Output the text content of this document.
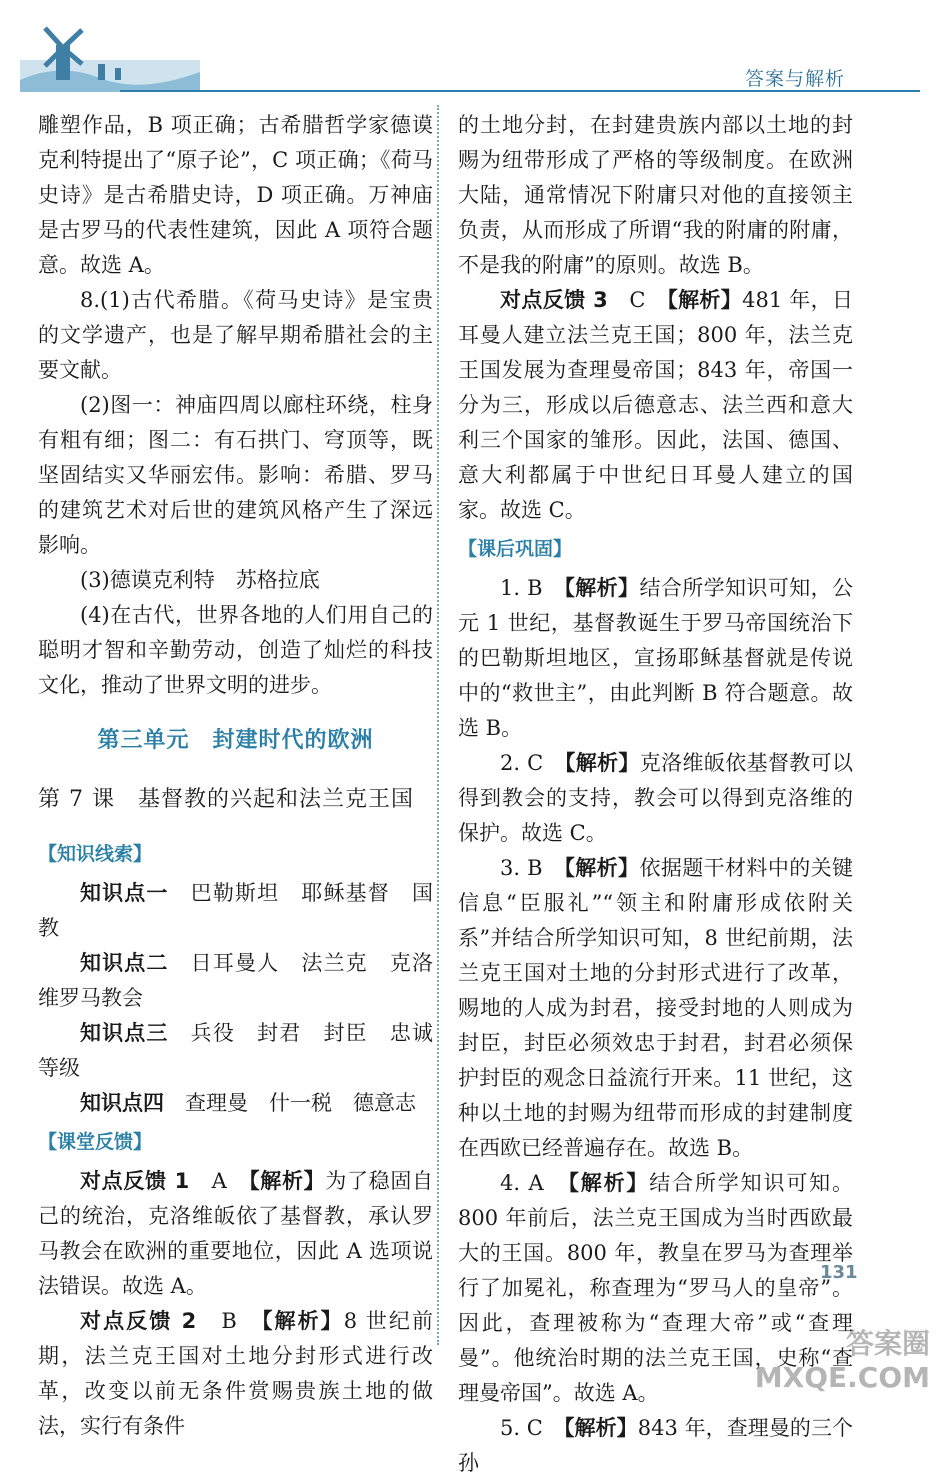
答案与解析

雕塑作品，B 项正确；古希腊哲学家德谟克利特提出了“原子论”，C 项正确；《荷马史诗》是古希腊史诗，D 项正确。万神庙是古罗马的代表性建筑，因此 A 项符合题意。故选 A。

8.(1)古代希腊。《荷马史诗》是宝贵的文学遗产，也是了解早期希腊社会的主要文献。

(2)图一：神庙四周以廊柱环绕，柱身有粗有细；图二：有石拱门、穹顶等，既坚固结实又华丽宏伟。影响：希腊、罗马的建筑艺术对后世的建筑风格产生了深远影响。

(3)德谟克利特　苏格拉底

(4)在古代，世界各地的人们用自己的聪明才智和辛勤劳动，创造了灿烂的科技文化，推动了世界文明的进步。

第三单元　封建时代的欧洲
第 7 课　基督教的兴起和法兰克王国
【知识线索】

知识点一　巴勒斯坦　耶稣基督　国教

知识点二　日耳曼人　法兰克　克洛维罗马教会

知识点三　兵役　封君　封臣　忠诚等级

知识点四　查理曼　什一税　德意志

【课堂反馈】

对点反馈 1　A　【解析】为了稳固自己的统治，克洛维皈依了基督教，承认罗马教会在欧洲的重要地位，因此 A 选项说法错误。故选 A。

对点反馈 2　B　【解析】8 世纪前期，法兰克王国对土地分封形式进行改革，改变以前无条件赏赐贵族土地的做法，实行有条件

的土地分封，在封建贵族内部以土地的封赐为纽带形成了严格的等级制度。在欧洲大陆，通常情况下附庸只对他的直接领主负责，从而形成了所谓“我的附庸的附庸，不是我的附庸”的原则。故选 B。

对点反馈 3　C　【解析】481 年，日耳曼人建立法兰克王国；800 年，法兰克王国发展为查理曼帝国；843 年，帝国一分为三，形成以后德意志、法兰西和意大利三个国家的雏形。因此，法国、德国、意大利都属于中世纪日耳曼人建立的国家。故选 C。

【课后巩固】

1. B　【解析】结合所学知识可知，公元 1 世纪，基督教诞生于罗马帝国统治下的巴勒斯坦地区，宣扬耶稣基督就是传说中的“救世主”，由此判断 B 符合题意。故选 B。

2. C　【解析】克洛维皈依基督教可以得到教会的支持，教会可以得到克洛维的保护。故选 C。

3. B　【解析】依据题干材料中的关键信息“臣服礼”“领主和附庸形成依附关系”并结合所学知识可知，8 世纪前期，法兰克王国对土地的分封形式进行了改革，赐地的人成为封君，接受封地的人则成为封臣，封臣必须效忠于封君，封君必须保护封臣的观念日益流行开来。11 世纪，这种以土地的封赐为纽带而形成的封建制度在西欧已经普遍存在。故选 B。

4. A　【解析】结合所学知识可知。800 年前后，法兰克王国成为当时西欧最大的王国。800 年，教皇在罗马为查理举行了加冕礼，称查理为“罗马人的皇帝”。因此，查理被称为“查理大帝”或“查理曼”。他统治时期的法兰克王国，史称“查理曼帝国”。故选 A。

5. C　【解析】843 年，查理曼的三个孙

131
答案圈
MXQE.COM
